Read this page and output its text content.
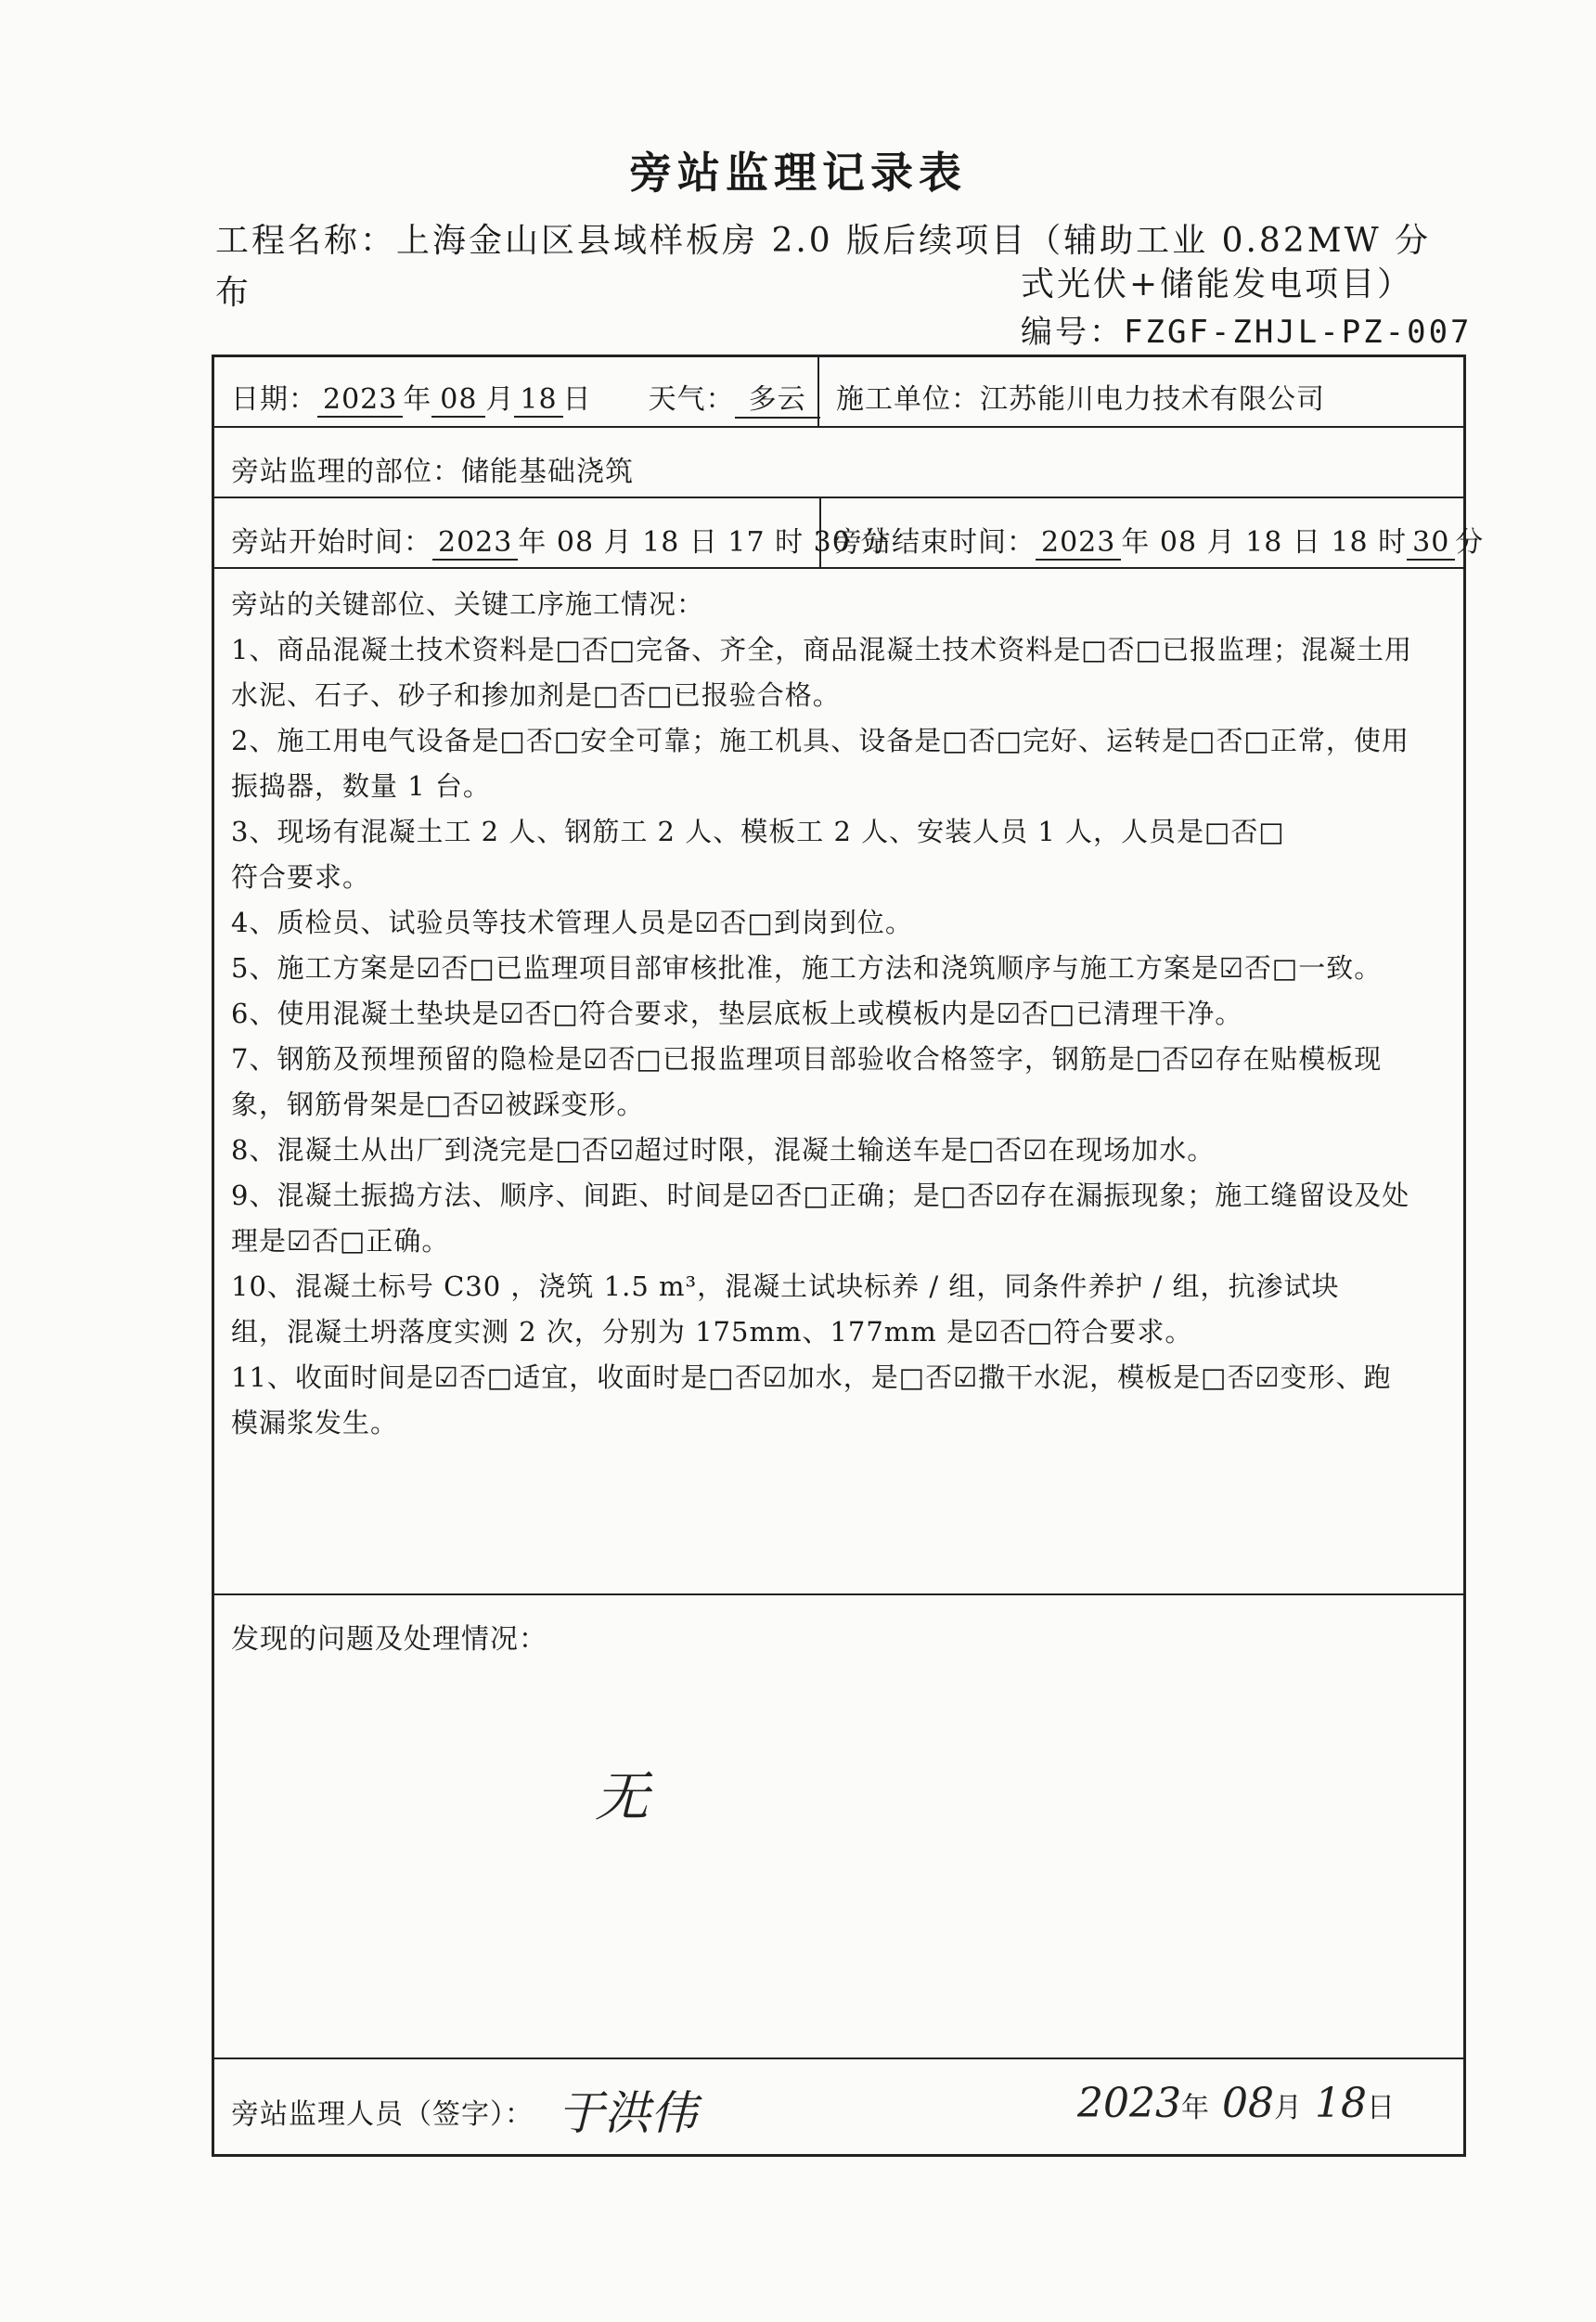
旁站监理记录表
工程名称：上海金山区县域样板房 2.0 版后续项目（辅助工业 0.82MW 分布	式光伏+储能发电项目）
编号：FZGF-ZHJL-PZ-007
日期： 2023 年 08 月 18 日 天气： 多云	施工单位：江苏能川电力技术有限公司
旁站监理的部位：储能基础浇筑
旁站开始时间： 2023 年 08 月 18 日 17 时 30 分
旁站结束时间： 2023 年 08 月 18 日 18 时 30 分
旁站的关键部位、关键工序施工情况：
1、商品混凝土技术资料是□否□完备、齐全，商品混凝土技术资料是□否□已报监理；混凝土用
水泥、石子、砂子和掺加剂是□否□已报验合格。
2、施工用电气设备是□否□安全可靠；施工机具、设备是□否□完好、运转是□否□正常，使用
振捣器，数量 1 台。
3、现场有混凝土工 2 人、钢筋工 2 人、模板工 2 人、安装人员 1 人，人员是□否□
符合要求。
4、质检员、试验员等技术管理人员是☑否□到岗到位。
5、施工方案是☑否□已监理项目部审核批准，施工方法和浇筑顺序与施工方案是☑否□一致。
6、使用混凝土垫块是☑否□符合要求，垫层底板上或模板内是☑否□已清理干净。
7、钢筋及预埋预留的隐检是☑否□已报监理项目部验收合格签字，钢筋是□否☑存在贴模板现
象，钢筋骨架是□否☑被踩变形。
8、混凝土从出厂到浇完是□否☑超过时限，混凝土输送车是□否☑在现场加水。
9、混凝土振捣方法、顺序、间距、时间是☑否□正确；是□否☑存在漏振现象；施工缝留设及处
理是☑否□正确。
10、混凝土标号 C30 ，浇筑 1.5 m³，混凝土试块标养 / 组，同条件养护 / 组，抗渗试块
组，混凝土坍落度实测 2 次，分别为 175mm、177mm 是☑否□符合要求。
11、收面时间是☑否□适宜，收面时是□否☑加水，是□否☑撒干水泥，模板是□否☑变形、跑
模漏浆发生。
发现的问题及处理情况：
无
旁站监理人员（签字）： 于洪伟	2023年 08月 18日
